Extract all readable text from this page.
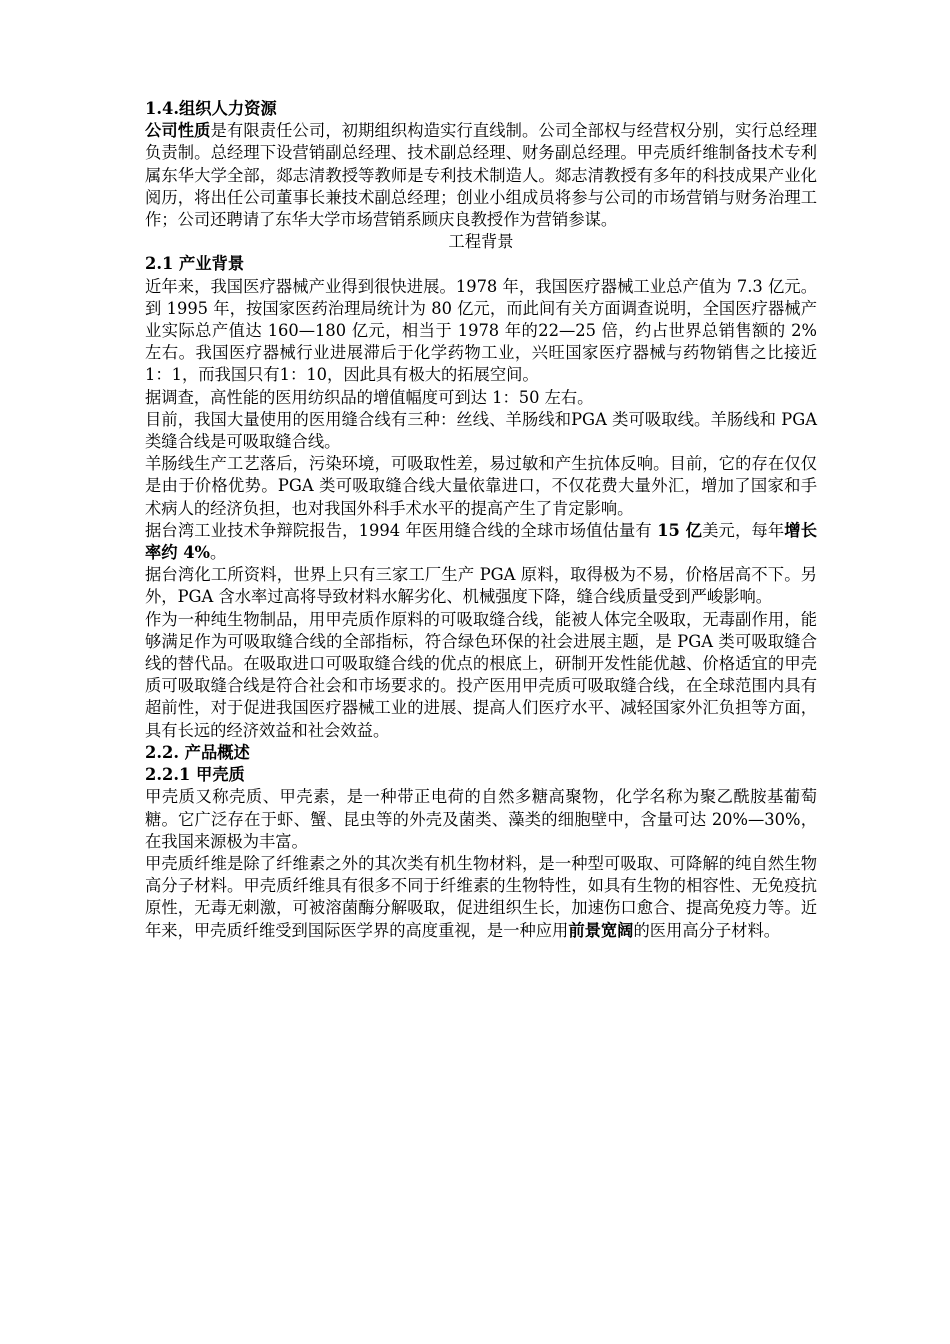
1.4.组织人力资源

公司性质是有限责任公司，初期组织构造实行直线制。公司全部权与经营权分别，实行总经理负责制。总经理下设营销副总经理、技术副总经理、财务副总经理。甲壳质纤维制备技术专利属东华大学全部，郯志清教授等教师是专利技术制造人。郯志清教授有多年的科技成果产业化阅历，将出任公司董事长兼技术副总经理；创业小组成员将参与公司的市场营销与财务治理工作；公司还聘请了东华大学市场营销系顾庆良教授作为营销参谋。

工程背景

2.1 产业背景

近年来，我国医疗器械产业得到很快进展。1978 年，我国医疗器械工业总产值为 7.3 亿元。到 1995 年，按国家医药治理局统计为 80 亿元，而此间有关方面调查说明，全国医疗器械产业实际总产值达 160—180 亿元，相当于 1978 年的22—25 倍，约占世界总销售额的 2%左右。我国医疗器械行业进展滞后于化学药物工业，兴旺国家医疗器械与药物销售之比接近1：1，而我国只有1：10，因此具有极大的拓展空间。

据调查，高性能的医用纺织品的增值幅度可到达 1：50 左右。

目前，我国大量使用的医用缝合线有三种：丝线、羊肠线和PGA 类可吸取线。羊肠线和 PGA 类缝合线是可吸取缝合线。

羊肠线生产工艺落后，污染环境，可吸取性差，易过敏和产生抗体反响。目前，它的存在仅仅是由于价格优势。PGA 类可吸取缝合线大量依靠进口，不仅花费大量外汇，增加了国家和手术病人的经济负担，也对我国外科手术水平的提高产生了肯定影响。

据台湾工业技术争辩院报告，1994 年医用缝合线的全球市场值估量有 15 亿美元，每年增长率约 4%。

据台湾化工所资料，世界上只有三家工厂生产 PGA 原料，取得极为不易，价格居高不下。另外，PGA 含水率过高将导致材料水解劣化、机械强度下降，缝合线质量受到严峻影响。

作为一种纯生物制品，用甲壳质作原料的可吸取缝合线，能被人体完全吸取，无毒副作用，能够满足作为可吸取缝合线的全部指标，符合绿色环保的社会进展主题，是 PGA 类可吸取缝合线的替代品。在吸取进口可吸取缝合线的优点的根底上，研制开发性能优越、价格适宜的甲壳质可吸取缝合线是符合社会和市场要求的。投产医用甲壳质可吸取缝合线，在全球范围内具有超前性，对于促进我国医疗器械工业的进展、提高人们医疗水平、减轻国家外汇负担等方面，具有长远的经济效益和社会效益。

2.2. 产品概述

2.2.1 甲壳质

甲壳质又称壳质、甲壳素，是一种带正电荷的自然多糖高聚物，化学名称为聚乙酰胺基葡萄糖。它广泛存在于虾、蟹、昆虫等的外壳及菌类、藻类的细胞壁中，含量可达 20%—30%，在我国来源极为丰富。

甲壳质纤维是除了纤维素之外的其次类有机生物材料，是一种型可吸取、可降解的纯自然生物高分子材料。甲壳质纤维具有很多不同于纤维素的生物特性，如具有生物的相容性、无免疫抗原性，无毒无刺激，可被溶菌酶分解吸取，促进组织生长，加速伤口愈合、提高免疫力等。近年来，甲壳质纤维受到国际医学界的高度重视，是一种应用前景宽阔的医用高分子材料。
